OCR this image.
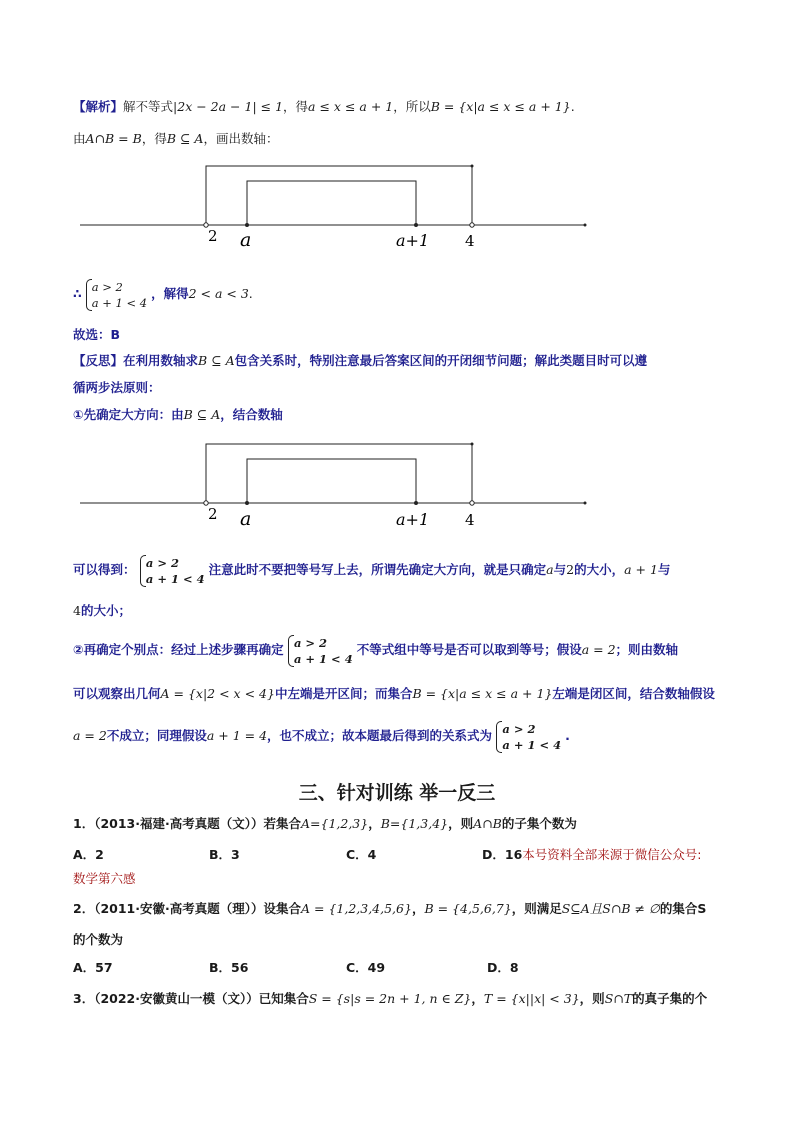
【解析】解不等式|2x − 2a − 1| ≤ 1，得a ≤ x ≤ a + 1，所以B = {x|a ≤ x ≤ a + 1}.
由A∩B = B，得B ⊆ A，画出数轴：
2 a	a+1 4
2 a	a+1 4
∴ a > 2
a + 1 < 4
，解得2 < a < 3.
故选：B
【反思】在利用数轴求B ⊆ A包含关系时，特别注意最后答案区间的开闭细节问题；解此类题目时可以遵
循两步法原则：
①先确定大方向：由B ⊆ A，结合数轴
可以得到： a > 2
a + 1 < 4
注意此时不要把等号写上去，所谓先确定大方向，就是只确定a与2的大小，a + 1与
4的大小；
②再确定个别点：经过上述步骤再确定 a > 2
a + 1 < 4
不等式组中等号是否可以取到等号；假设a = 2；则由数轴
可以观察出几何A = {x|2 < x < 4}中左端是开区间；而集合B = {x|a ≤ x ≤ a + 1}左端是闭区间，结合数轴假设
a = 2不成立；同理假设a + 1 = 4，也不成立；故本题最后得到的关系式为 a > 2
a + 1 < 4
.
三、针对训练 举一反三
1．（2013·福建·高考真题（文））若集合A={1,2,3}，B={1,3,4}，则A∩B的子集个数为
A．2	B．3	C．4	D．16本号资料全部来源于微信公众号:
数学第六感
2．（2011·安徽·高考真题（理））设集合A = {1,2,3,4,5,6}，B = {4,5,6,7}，则满足S⊆A且S∩B ≠ ∅的集合S
的个数为
A．57	B．56	C．49	D．8
3．（2022·安徽黄山一模（文））已知集合S = {s|s = 2n + 1, n ∈ Z}，T = {x||x| < 3}，则S∩T的真子集的个
